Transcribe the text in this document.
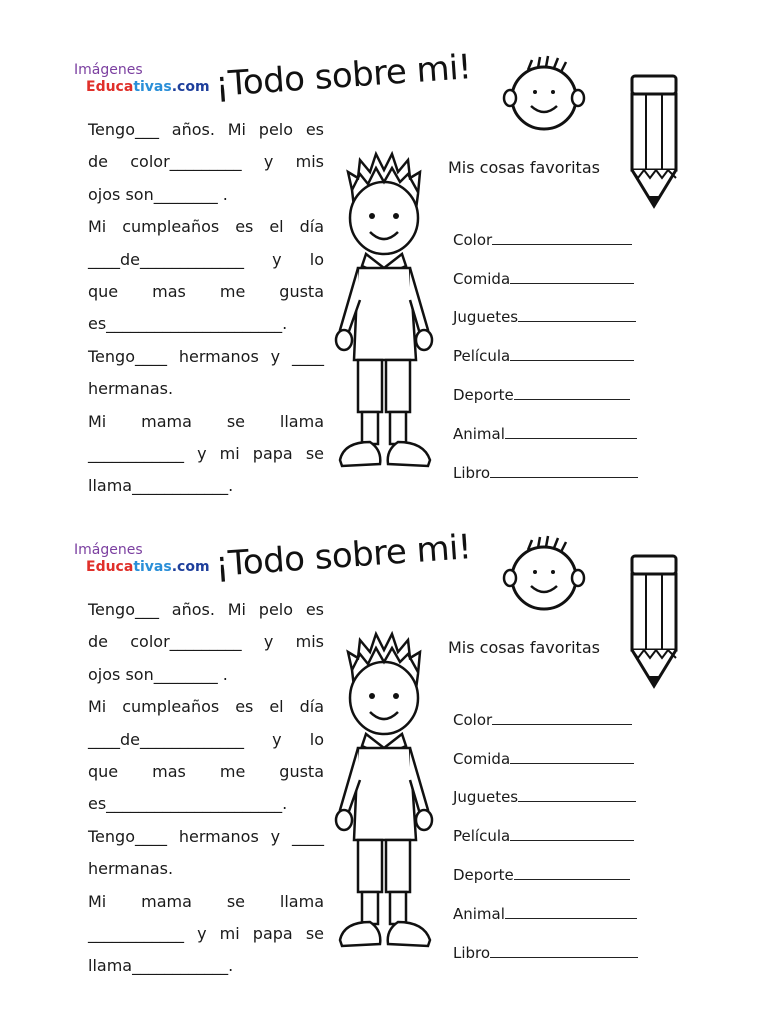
Imágenes
Educativas.com ¡Todo sobre mi!
Tengo___ años. Mi pelo es
de color_________ y mis
ojos son________ .
Mi cumpleaños es el día
____de_____________ y lo
que mas me gusta
es______________________.
Tengo____ hermanos y ____
hermanas.
Mi mama se llama
____________ y mi papa se
llama____________.
Mis cosas favoritas
Color
Comida
Juguetes
Película
Deporte
Animal
Libro
Imágenes
Educativas.com ¡Todo sobre mi!
Tengo___ años. Mi pelo es
de color_________ y mis
ojos son________ .
Mi cumpleaños es el día
____de_____________ y lo
que mas me gusta
es______________________.
Tengo____ hermanos y ____
hermanas.
Mi mama se llama
____________ y mi papa se
llama____________.
Mis cosas favoritas
Color
Comida
Juguetes
Película
Deporte
Animal
Libro
